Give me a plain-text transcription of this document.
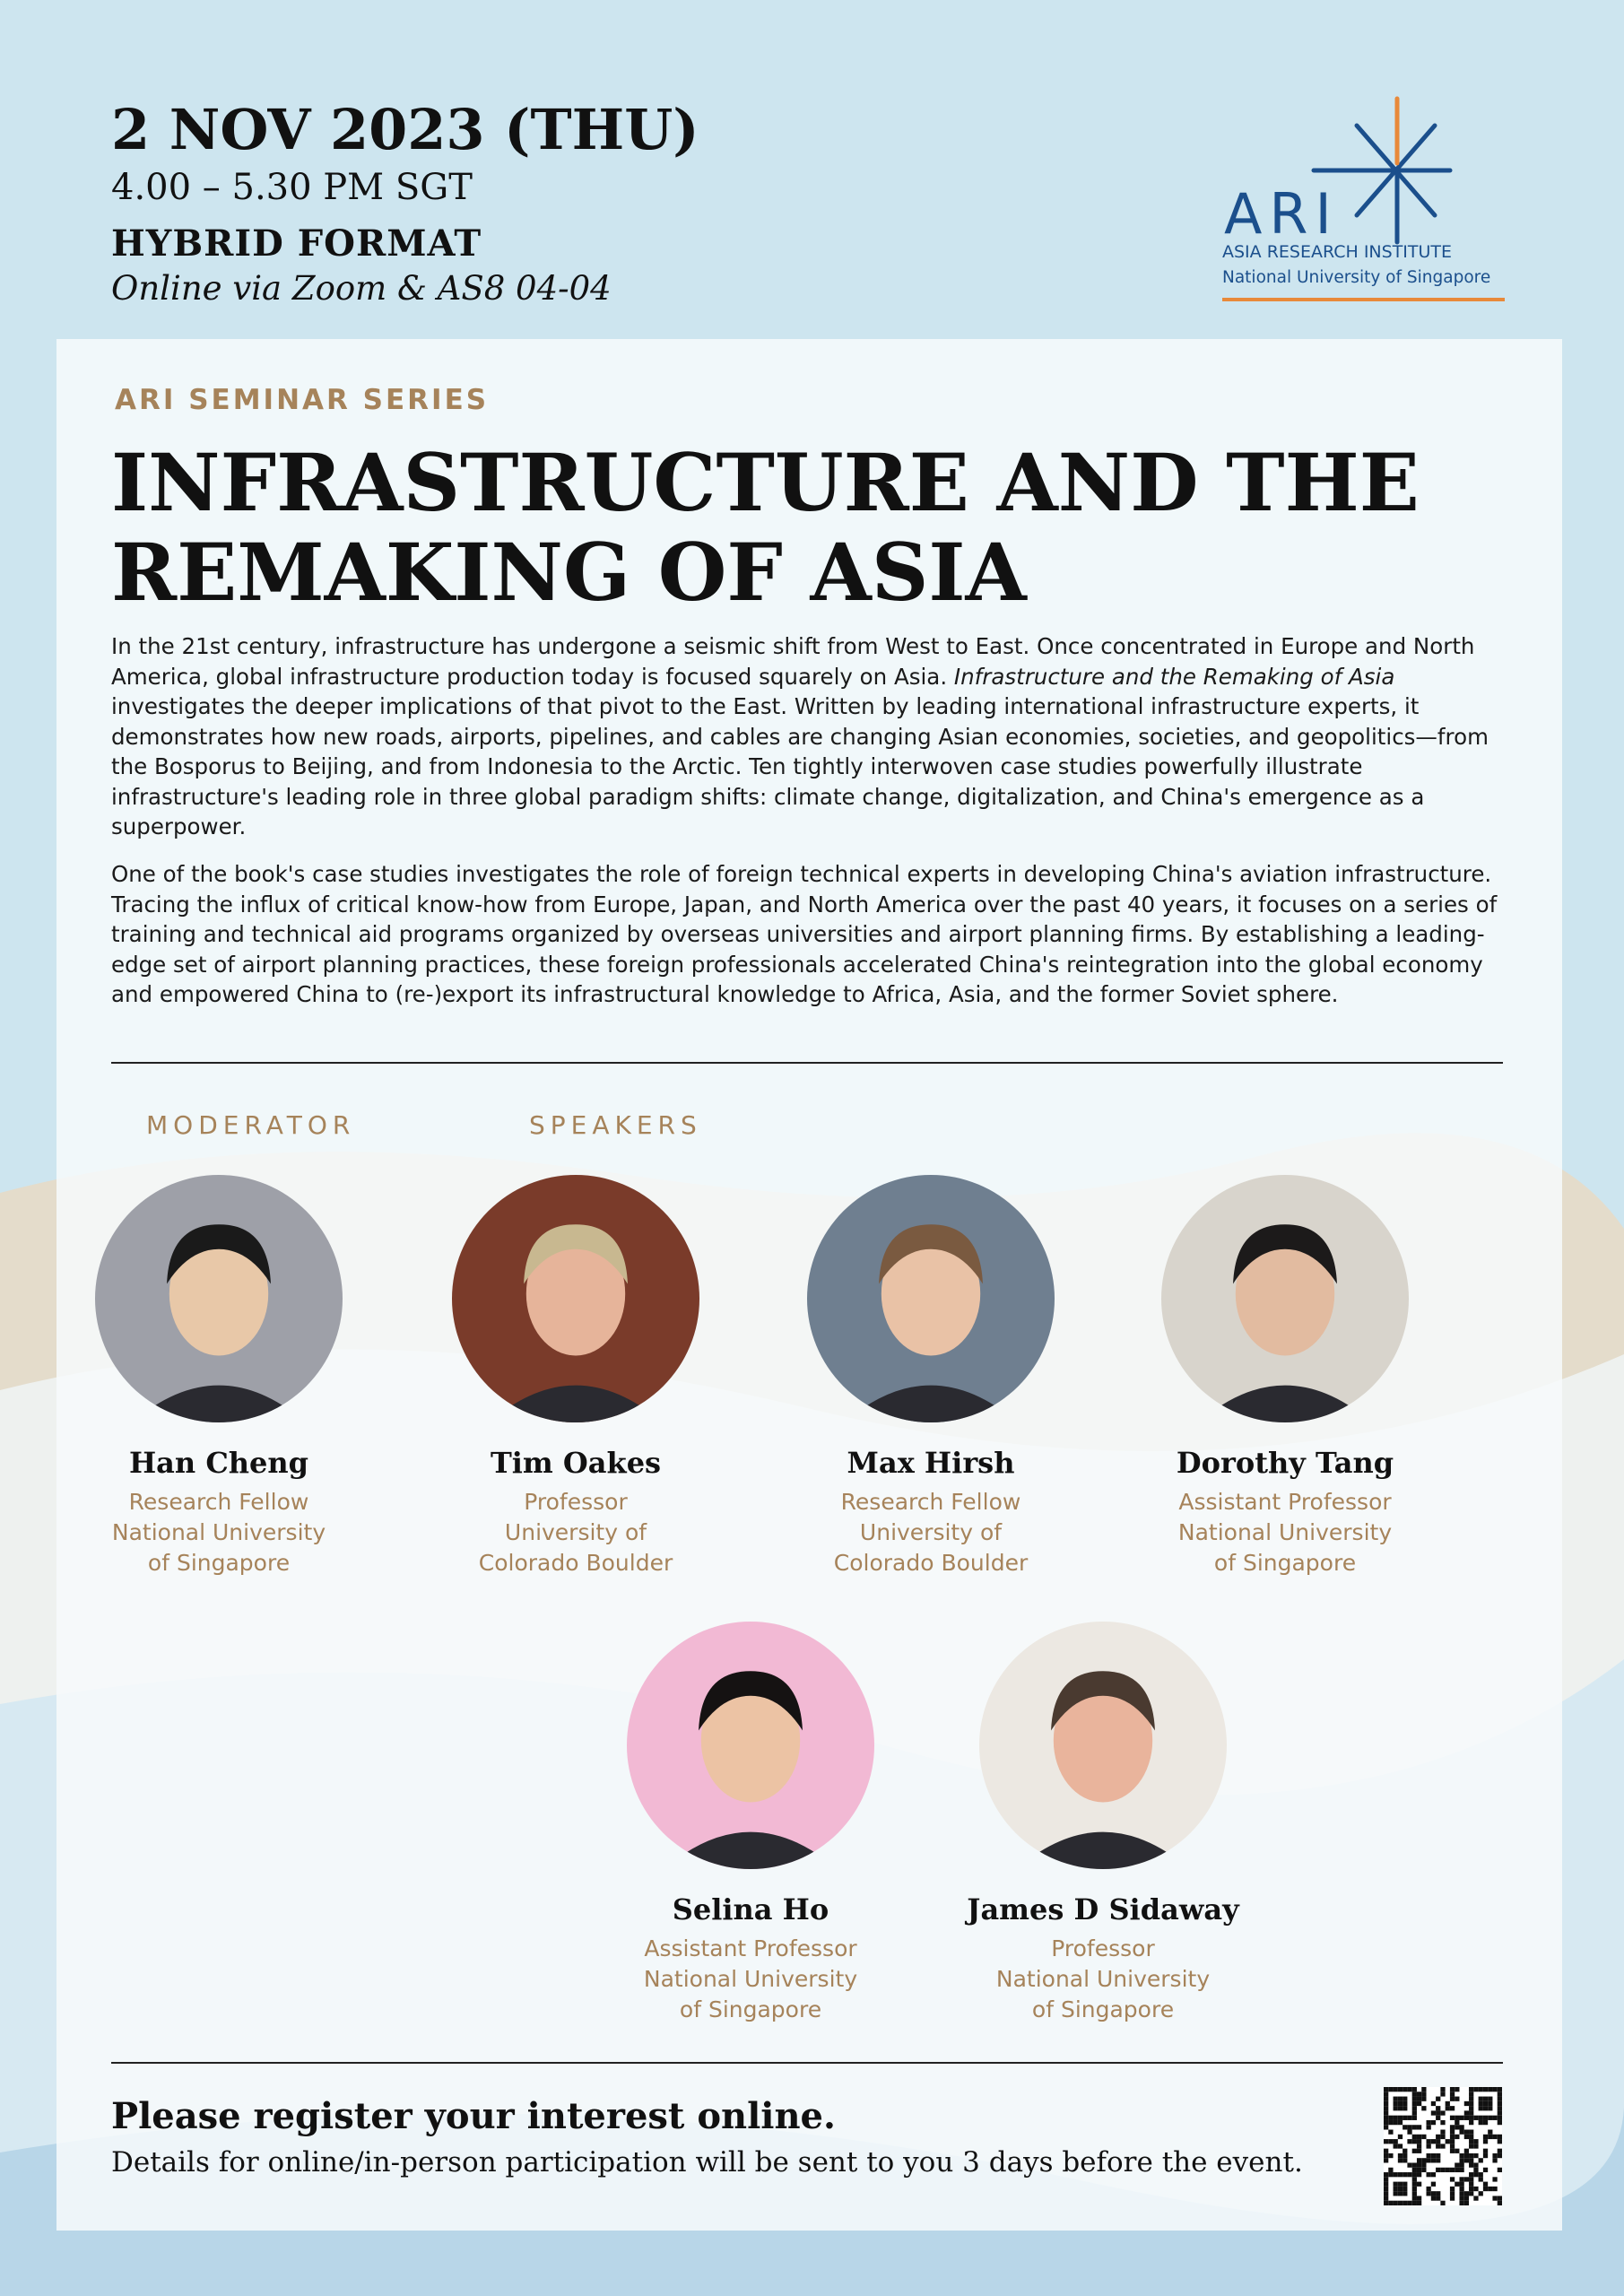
2 NOV 2023 (THU)
4.00 – 5.30 PM SGT
HYBRID FORMAT
Online via Zoom & AS8 04-04
ARI
ASIA RESEARCH INSTITUTE
National University of Singapore
ARI SEMINAR SERIES
INFRASTRUCTURE AND THE
REMAKING OF ASIA

In the 21st century, infrastructure has undergone a seismic shift from West to East. Once concentrated in Europe and North America, global infrastructure production today is focused squarely on Asia. Infrastructure and the Remaking of Asia investigates the deeper implications of that pivot to the East. Written by leading international infrastructure experts, it demonstrates how new roads, airports, pipelines, and cables are changing Asian economies, societies, and geopolitics—from the Bosporus to Beijing, and from Indonesia to the Arctic. Ten tightly interwoven case studies powerfully illustrate infrastructure's leading role in three global paradigm shifts: climate change, digitalization, and China's emergence as a superpower.

One of the book's case studies investigates the role of foreign technical experts in developing China's aviation infrastructure. Tracing the influx of critical know-how from Europe, Japan, and North America over the past 40 years, it focuses on a series of training and technical aid programs organized by overseas universities and airport planning firms. By establishing a leading-edge set of airport planning practices, these foreign professionals accelerated China's reintegration into the global economy and empowered China to (re-)export its infrastructural knowledge to Africa, Asia, and the former Soviet sphere.

MODERATOR	SPEAKERS
Han Cheng
Research Fellow
National University
of Singapore
Tim Oakes
Professor
University of
Colorado Boulder
Max Hirsh
Research Fellow
University of
Colorado Boulder
Dorothy Tang
Assistant Professor
National University
of Singapore
Selina Ho
Assistant Professor
National University
of Singapore
James D Sidaway
Professor
National University
of Singapore
Please register your interest online.
Details for online/in-person participation will be sent to you 3 days before the event.
